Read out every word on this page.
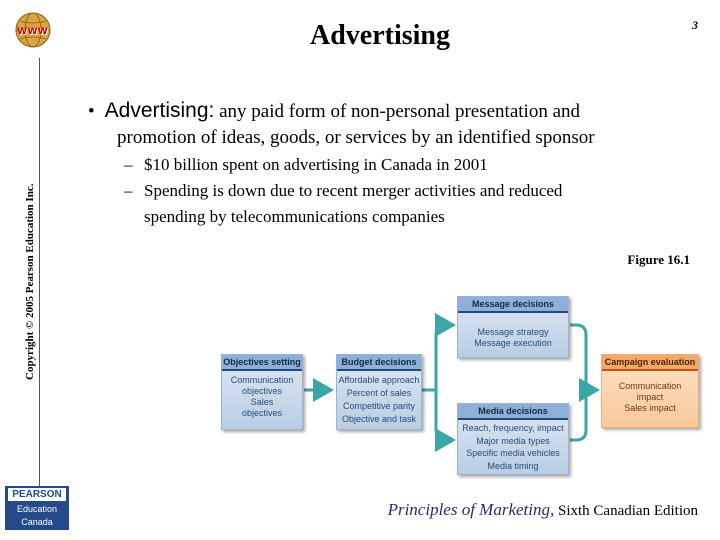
www
Copyright © 2005 Pearson Education Inc.
Advertising	3
• Advertising: any paid form of non-personal presentation and
promotion of ideas, goods, or services by an identified sponsor
– $10 billion spent on advertising in Canada in 2001
– Spending is down due to recent merger activities and reduced
spending by telecommunications companies
Figure 16.1
Objectives setting
Communication
objectives
Sales
objectives
Budget decisions
Affordable approach
Percent of sales
Competitive parity
Objective and task
Message decisions
Message strategy
Message execution
Media decisions
Reach, frequency, impact
Major media types
Specific media vehicles
Media timing
Campaign evaluation
Communication
impact
Sales impact
PEARSON
Education
Canada
Principles of Marketing, Sixth Canadian Edition
